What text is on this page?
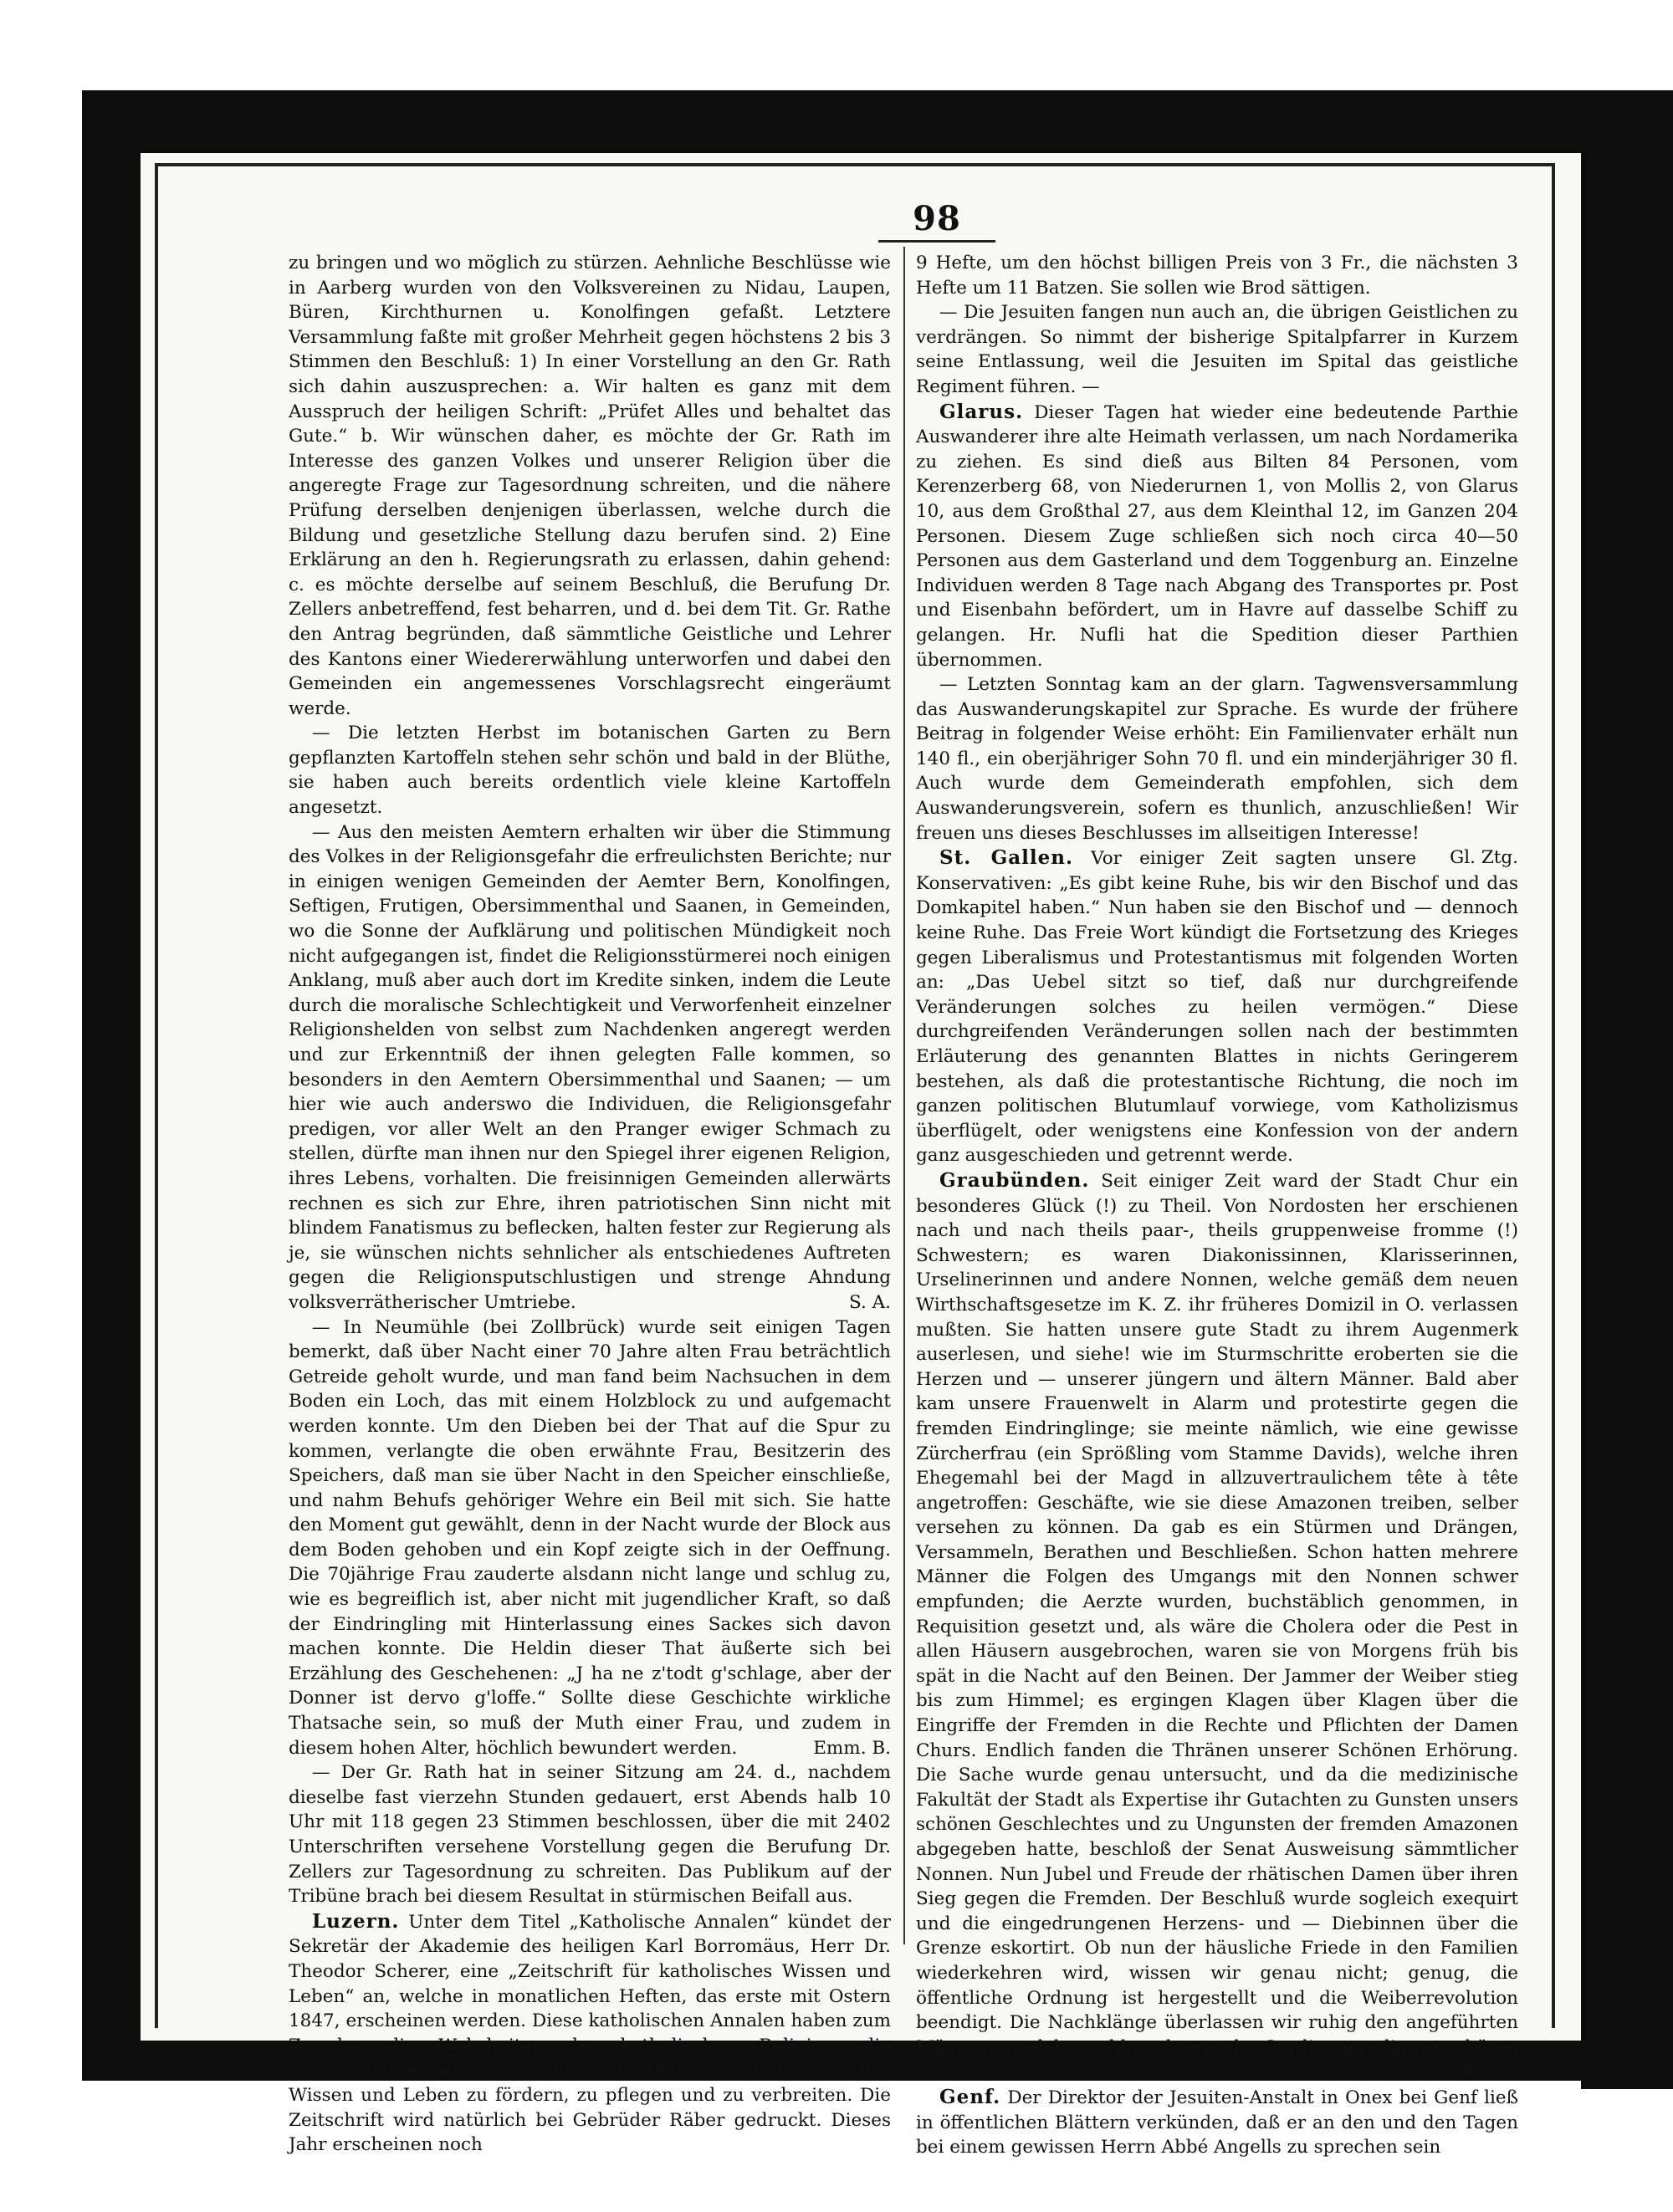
98

zu bringen und wo möglich zu stürzen. Aehnliche Beschlüsse wie in Aarberg wurden von den Volksvereinen zu Nidau, Laupen, Büren, Kirchthurnen u. Konolfingen gefaßt. Letztere Versammlung faßte mit großer Mehrheit gegen höchstens 2 bis 3 Stimmen den Beschluß: 1) In einer Vorstellung an den Gr. Rath sich dahin auszusprechen: a. Wir halten es ganz mit dem Ausspruch der heiligen Schrift: „Prüfet Alles und behaltet das Gute.“ b. Wir wünschen daher, es möchte der Gr. Rath im Interesse des ganzen Volkes und unserer Religion über die angeregte Frage zur Tagesordnung schreiten, und die nähere Prüfung derselben denjenigen überlassen, welche durch die Bildung und gesetzliche Stellung dazu berufen sind. 2) Eine Erklärung an den h. Regierungsrath zu erlassen, dahin gehend: c. es möchte derselbe auf seinem Beschluß, die Berufung Dr. Zellers anbetreffend, fest beharren, und d. bei dem Tit. Gr. Rathe den Antrag begründen, daß sämmtliche Geistliche und Lehrer des Kantons einer Wiedererwählung unterworfen und dabei den Gemeinden ein angemessenes Vorschlagsrecht eingeräumt werde.

— Die letzten Herbst im botanischen Garten zu Bern gepflanzten Kartoffeln stehen sehr schön und bald in der Blüthe, sie haben auch bereits ordentlich viele kleine Kartoffeln angesetzt.

— Aus den meisten Aemtern erhalten wir über die Stimmung des Volkes in der Religionsgefahr die erfreulichsten Berichte; nur in einigen wenigen Gemeinden der Aemter Bern, Konolfingen, Seftigen, Frutigen, Obersimmenthal und Saanen, in Gemeinden, wo die Sonne der Aufklärung und politischen Mündigkeit noch nicht aufgegangen ist, findet die Religionsstürmerei noch einigen Anklang, muß aber auch dort im Kredite sinken, indem die Leute durch die moralische Schlechtigkeit und Verworfenheit einzelner Religionshelden von selbst zum Nachdenken angeregt werden und zur Erkenntniß der ihnen gelegten Falle kommen, so besonders in den Aemtern Obersimmenthal und Saanen; — um hier wie auch anderswo die Individuen, die Religionsgefahr predigen, vor aller Welt an den Pranger ewiger Schmach zu stellen, dürfte man ihnen nur den Spiegel ihrer eigenen Religion, ihres Lebens, vorhalten. Die freisinnigen Gemeinden allerwärts rechnen es sich zur Ehre, ihren patriotischen Sinn nicht mit blindem Fanatismus zu beflecken, halten fester zur Regierung als je, sie wünschen nichts sehnlicher als entschiedenes Auftreten gegen die Religionsputschlustigen und strenge Ahndung volksverrätherischer Umtriebe.	S. A.

— In Neumühle (bei Zollbrück) wurde seit einigen Tagen bemerkt, daß über Nacht einer 70 Jahre alten Frau beträchtlich Getreide geholt wurde, und man fand beim Nachsuchen in dem Boden ein Loch, das mit einem Holzblock zu und aufgemacht werden konnte. Um den Dieben bei der That auf die Spur zu kommen, verlangte die oben erwähnte Frau, Besitzerin des Speichers, daß man sie über Nacht in den Speicher einschließe, und nahm Behufs gehöriger Wehre ein Beil mit sich. Sie hatte den Moment gut gewählt, denn in der Nacht wurde der Block aus dem Boden gehoben und ein Kopf zeigte sich in der Oeffnung. Die 70jährige Frau zauderte alsdann nicht lange und schlug zu, wie es begreiflich ist, aber nicht mit jugendlicher Kraft, so daß der Eindringling mit Hinterlassung eines Sackes sich davon machen konnte. Die Heldin dieser That äußerte sich bei Erzählung des Geschehenen: „J ha ne z'todt g'schlage, aber der Donner ist dervo g'loffe.“ Sollte diese Geschichte wirkliche Thatsache sein, so muß der Muth einer Frau, und zudem in diesem hohen Alter, höchlich bewundert werden.	Emm. B.

— Der Gr. Rath hat in seiner Sitzung am 24. d., nachdem dieselbe fast vierzehn Stunden gedauert, erst Abends halb 10 Uhr mit 118 gegen 23 Stimmen beschlossen, über die mit 2402 Unterschriften versehene Vorstellung gegen die Berufung Dr. Zellers zur Tagesordnung zu schreiten. Das Publikum auf der Tribüne brach bei diesem Resultat in stürmischen Beifall aus.

Luzern. Unter dem Titel „Katholische Annalen“ kündet der Sekretär der Akademie des heiligen Karl Borromäus, Herr Dr. Theodor Scherer, eine „Zeitschrift für katholisches Wissen und Leben“ an, welche in monatlichen Heften, das erste mit Ostern 1847, erscheinen werden. Diese katholischen Annalen haben zum Zwecke: die Wahrheiten der katholischen Religion, die Grundsätze des Rechtes, den katholischen Glauben, katholisches Wissen und Leben zu fördern, zu pflegen und zu verbreiten. Die Zeitschrift wird natürlich bei Gebrüder Räber gedruckt. Dieses Jahr erscheinen noch

9 Hefte, um den höchst billigen Preis von 3 Fr., die nächsten 3 Hefte um 11 Batzen. Sie sollen wie Brod sättigen.

— Die Jesuiten fangen nun auch an, die übrigen Geistlichen zu verdrängen. So nimmt der bisherige Spitalpfarrer in Kurzem seine Entlassung, weil die Jesuiten im Spital das geistliche Regiment führen. —

Glarus. Dieser Tagen hat wieder eine bedeutende Parthie Auswanderer ihre alte Heimath verlassen, um nach Nordamerika zu ziehen. Es sind dieß aus Bilten 84 Personen, vom Kerenzerberg 68, von Niederurnen 1, von Mollis 2, von Glarus 10, aus dem Großthal 27, aus dem Kleinthal 12, im Ganzen 204 Personen. Diesem Zuge schließen sich noch circa 40—50 Personen aus dem Gasterland und dem Toggenburg an. Einzelne Individuen werden 8 Tage nach Abgang des Transportes pr. Post und Eisenbahn befördert, um in Havre auf dasselbe Schiff zu gelangen. Hr. Nufli hat die Spedition dieser Parthien übernommen.

— Letzten Sonntag kam an der glarn. Tagwensversammlung das Auswanderungskapitel zur Sprache. Es wurde der frühere Beitrag in folgender Weise erhöht: Ein Familienvater erhält nun 140 fl., ein oberjähriger Sohn 70 fl. und ein minderjähriger 30 fl. Auch wurde dem Gemeinderath empfohlen, sich dem Auswanderungsverein, sofern es thunlich, anzuschließen! Wir freuen uns dieses Beschlusses im allseitigen Interesse!
Gl. Ztg.

St. Gallen. Vor einiger Zeit sagten unsere Konservativen: „Es gibt keine Ruhe, bis wir den Bischof und das Domkapitel haben.“ Nun haben sie den Bischof und — dennoch keine Ruhe. Das Freie Wort kündigt die Fortsetzung des Krieges gegen Liberalismus und Protestantismus mit folgenden Worten an: „Das Uebel sitzt so tief, daß nur durchgreifende Veränderungen solches zu heilen vermögen.“ Diese durchgreifenden Veränderungen sollen nach der bestimmten Erläuterung des genannten Blattes in nichts Geringerem bestehen, als daß die protestantische Richtung, die noch im ganzen politischen Blutumlauf vorwiege, vom Katholizismus überflügelt, oder wenigstens eine Konfession von der andern ganz ausgeschieden und getrennt werde.

Graubünden. Seit einiger Zeit ward der Stadt Chur ein besonderes Glück (!) zu Theil. Von Nordosten her erschienen nach und nach theils paar-, theils gruppenweise fromme (!) Schwestern; es waren Diakonissinnen, Klarisserinnen, Urselinerinnen und andere Nonnen, welche gemäß dem neuen Wirthschaftsgesetze im K. Z. ihr früheres Domizil in O. verlassen mußten. Sie hatten unsere gute Stadt zu ihrem Augenmerk auserlesen, und siehe! wie im Sturmschritte eroberten sie die Herzen und — unserer jüngern und ältern Männer. Bald aber kam unsere Frauenwelt in Alarm und protestirte gegen die fremden Eindringlinge; sie meinte nämlich, wie eine gewisse Zürcherfrau (ein Sprößling vom Stamme Davids), welche ihren Ehegemahl bei der Magd in allzuvertraulichem tête à tête angetroffen: Geschäfte, wie sie diese Amazonen treiben, selber versehen zu können. Da gab es ein Stürmen und Drängen, Versammeln, Berathen und Beschließen. Schon hatten mehrere Männer die Folgen des Umgangs mit den Nonnen schwer empfunden; die Aerzte wurden, buchstäblich genommen, in Requisition gesetzt und, als wäre die Cholera oder die Pest in allen Häusern ausgebrochen, waren sie von Morgens früh bis spät in die Nacht auf den Beinen. Der Jammer der Weiber stieg bis zum Himmel; es ergingen Klagen über Klagen über die Eingriffe der Fremden in die Rechte und Pflichten der Damen Churs. Endlich fanden die Thränen unserer Schönen Erhörung. Die Sache wurde genau untersucht, und da die medizinische Fakultät der Stadt als Expertise ihr Gutachten zu Gunsten unsers schönen Geschlechtes und zu Ungunsten der fremden Amazonen abgegeben hatte, beschloß der Senat Ausweisung sämmtlicher Nonnen. Nun Jubel und Freude der rhätischen Damen über ihren Sieg gegen die Fremden. Der Beschluß wurde sogleich exequirt und die eingedrungenen Herzens- und — Diebinnen über die Grenze eskortirt. Ob nun der häusliche Friede in den Familien wiederkehren wird, wissen wir genau nicht; genug, die öffentliche Ordnung ist hergestellt und die Weiberrevolution beendigt. Die Nachklänge überlassen wir ruhig den angeführten Männern, welche wohl noch manche Gardinenpredigt anzuhören haben werden.	Fr. St.

Genf. Der Direktor der Jesuiten-Anstalt in Onex bei Genf ließ in öffentlichen Blättern verkünden, daß er an den und den Tagen bei einem gewissen Herrn Abbé Angells zu sprechen sein
